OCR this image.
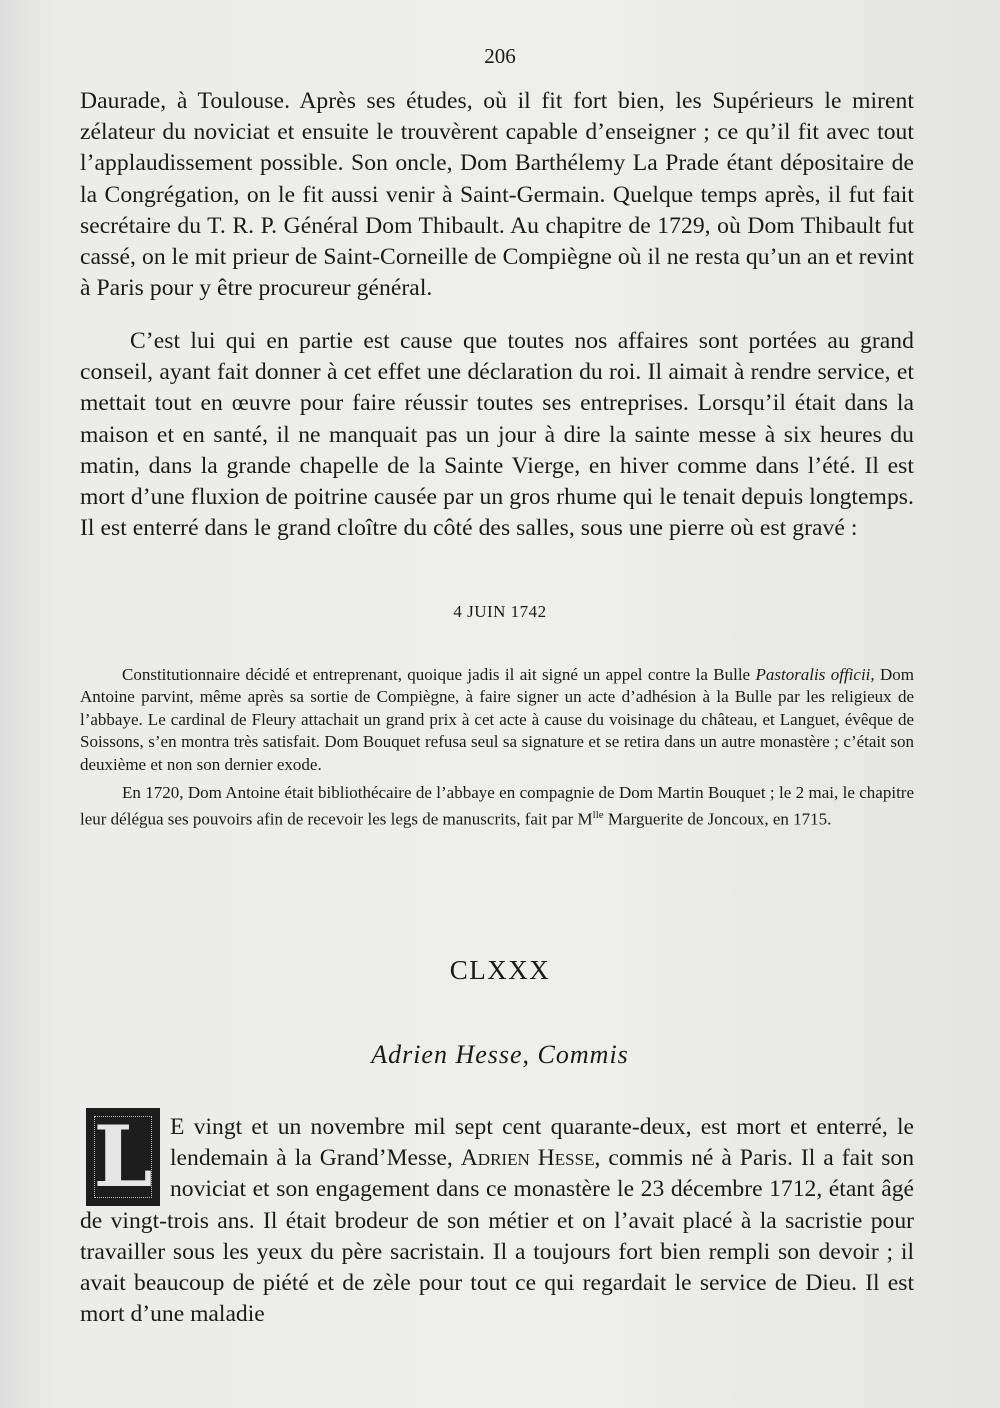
206

Daurade, à Toulouse. Après ses études, où il fit fort bien, les Supérieurs le mirent zélateur du noviciat et ensuite le trouvèrent capable d’enseigner ; ce qu’il fit avec tout l’applaudissement possible. Son oncle, Dom Barthélemy La Prade étant dépositaire de la Congrégation, on le fit aussi venir à Saint-Germain. Quelque temps après, il fut fait secrétaire du T. R. P. Général Dom Thibault. Au chapitre de 1729, où Dom Thibault fut cassé, on le mit prieur de Saint-Corneille de Compiègne où il ne resta qu’un an et revint à Paris pour y être procureur général.

C’est lui qui en partie est cause que toutes nos affaires sont portées au grand conseil, ayant fait donner à cet effet une déclaration du roi. Il aimait à rendre service, et mettait tout en œuvre pour faire réussir toutes ses entreprises. Lorsqu’il était dans la maison et en santé, il ne manquait pas un jour à dire la sainte messe à six heures du matin, dans la grande chapelle de la Sainte Vierge, en hiver comme dans l’été. Il est mort d’une fluxion de poitrine causée par un gros rhume qui le tenait depuis longtemps. Il est enterré dans le grand cloître du côté des salles, sous une pierre où est gravé :

4 JUIN 1742

Constitutionnaire décidé et entreprenant, quoique jadis il ait signé un appel contre la Bulle Pastoralis officii, Dom Antoine parvint, même après sa sortie de Compiègne, à faire signer un acte d’adhésion à la Bulle par les religieux de l’abbaye. Le cardinal de Fleury attachait un grand prix à cet acte à cause du voisinage du château, et Languet, évêque de Soissons, s’en montra très satisfait. Dom Bouquet refusa seul sa signature et se retira dans un autre monastère ; c’était son deuxième et non son dernier exode.

En 1720, Dom Antoine était bibliothécaire de l’abbaye en compagnie de Dom Martin Bouquet ; le 2 mai, le chapitre leur délégua ses pouvoirs afin de recevoir les legs de manuscrits, fait par $M^{lle}$ Marguerite de Joncoux, en 1715.

CLXXX
Adrien Hesse, Commis
L E vingt et un novembre mil sept cent quarante-deux, est mort et enterré, le lendemain à la Grand’Messe, Adrien Hesse, commis né à Paris. Il a fait son noviciat et son engagement dans ce monastère le 23 décembre 1712, étant âgé de vingt-trois ans. Il était brodeur de son métier et on l’avait placé à la sacristie pour travailler sous les yeux du père sacristain. Il a toujours fort bien rempli son devoir ; il avait beaucoup de piété et de zèle pour tout ce qui regardait le service de Dieu. Il est mort d’une maladie
